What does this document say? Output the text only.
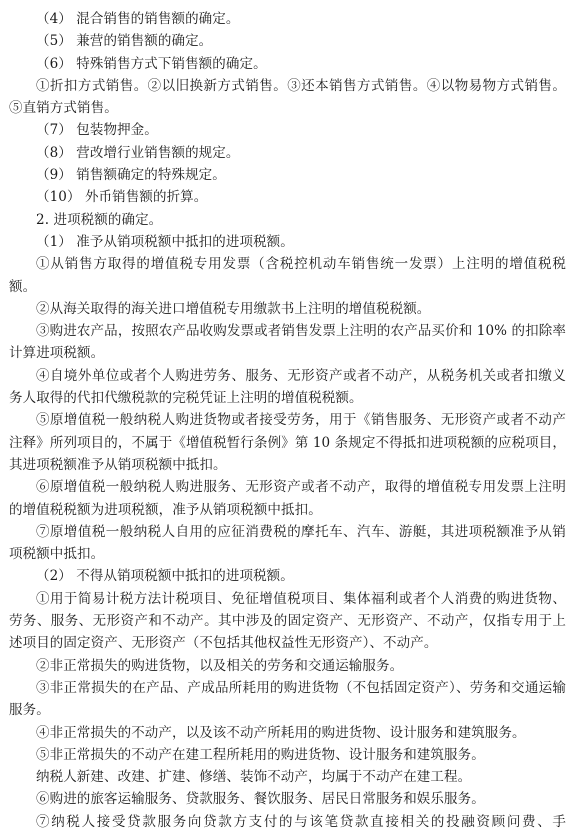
（4） 混合销售的销售额的确定。

（5） 兼营的销售额的确定。

（6） 特殊销售方式下销售额的确定。

①折扣方式销售。②以旧换新方式销售。③还本销售方式销售。④以物易物方式销售。⑤直销方式销售。

（7） 包装物押金。

（8） 营改增行业销售额的规定。

（9） 销售额确定的特殊规定。

（10） 外币销售额的折算。

2. 进项税额的确定。

（1） 准予从销项税额中抵扣的进项税额。

①从销售方取得的增值税专用发票（含税控机动车销售统一发票）上注明的增值税税额。

②从海关取得的海关进口增值税专用缴款书上注明的增值税税额。

③购进农产品，按照农产品收购发票或者销售发票上注明的农产品买价和 10% 的扣除率计算进项税额。

④自境外单位或者个人购进劳务、服务、无形资产或者不动产，从税务机关或者扣缴义务人取得的代扣代缴税款的完税凭证上注明的增值税税额。

⑤原增值税一般纳税人购进货物或者接受劳务，用于《销售服务、无形资产或者不动产注释》所列项目的，不属于《增值税暂行条例》第 10 条规定不得抵扣进项税额的应税项目，其进项税额准予从销项税额中抵扣。

⑥原增值税一般纳税人购进服务、无形资产或者不动产，取得的增值税专用发票上注明的增值税税额为进项税额，准予从销项税额中抵扣。

⑦原增值税一般纳税人自用的应征消费税的摩托车、汽车、游艇，其进项税额准予从销项税额中抵扣。

（2） 不得从销项税额中抵扣的进项税额。

①用于简易计税方法计税项目、免征增值税项目、集体福利或者个人消费的购进货物、劳务、服务、无形资产和不动产。其中涉及的固定资产、无形资产、不动产，仅指专用于上述项目的固定资产、无形资产（不包括其他权益性无形资产）、不动产。

②非正常损失的购进货物，以及相关的劳务和交通运输服务。

③非正常损失的在产品、产成品所耗用的购进货物（不包括固定资产）、劳务和交通运输服务。

④非正常损失的不动产，以及该不动产所耗用的购进货物、设计服务和建筑服务。

⑤非正常损失的不动产在建工程所耗用的购进货物、设计服务和建筑服务。

纳税人新建、改建、扩建、修缮、装饰不动产，均属于不动产在建工程。

⑥购进的旅客运输服务、贷款服务、餐饮服务、居民日常服务和娱乐服务。

⑦纳税人接受贷款服务向贷款方支付的与该笔贷款直接相关的投融资顾问费、手
